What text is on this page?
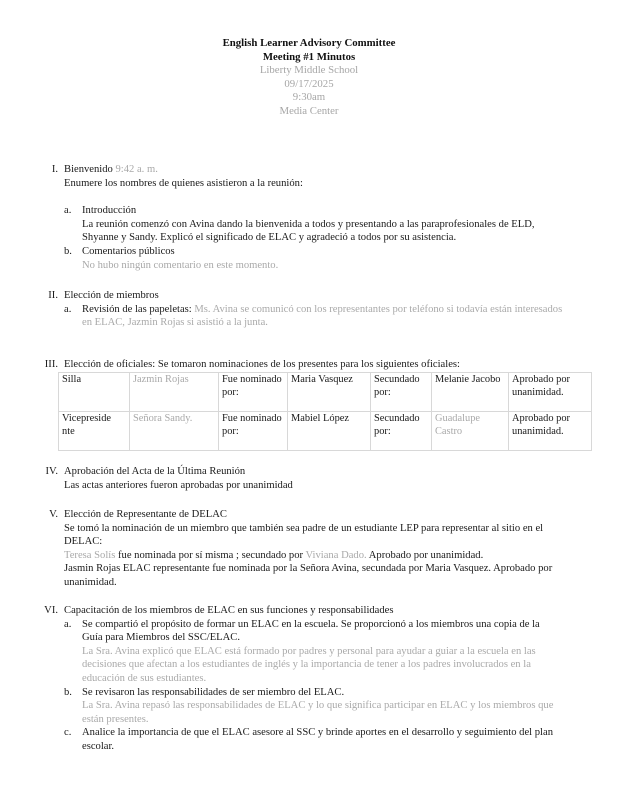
English Learner Advisory Committee
Meeting #1 Minutos
Liberty Middle School
09/17/2025
9:30am
Media Center
I. Bienvenido 9:42 a. m.
Enumere los nombres de quienes asistieron a la reunión:
a. Introducción
La reunión comenzó con Avina dando la bienvenida a todos y presentando a las paraprofesionales de ELD, Shyanne y Sandy. Explicó el significado de ELAC y agradeció a todos por su asistencia.
b. Comentarios públicos
No hubo ningún comentario en este momento.
II. Elección de miembros
a. Revisión de las papeletas: Ms. Avina se comunicó con los representantes por teléfono si todavía están interesados en ELAC, Jazmin Rojas si asistió a la junta.
III. Elección de oficiales: Se tomaron nominaciones de los presentes para los siguientes oficiales:
Silla	Jazmin Rojas	Fue nominado por:	Maria Vasquez	Secundado por:	Melanie Jacobo	Aprobado por unanimidad.
Vicepreside nte	Señora Sandy.	Fue nominado por:	Mabiel López	Secundado por:	Guadalupe Castro	Aprobado por unanimidad.
IV. Aprobación del Acta de la Última Reunión
Las actas anteriores fueron aprobadas por unanimidad
V. Elección de Representante de DELAC
Se tomó la nominación de un miembro que también sea padre de un estudiante LEP para representar al sitio en el DELAC:
Teresa Solís fue nominada por sí misma ; secundado por Viviana Dado. Aprobado por unanimidad.
Jasmin Rojas ELAC representante fue nominada por la Señora Avina, secundada por Maria Vasquez. Aprobado por unanimidad.
VI. Capacitación de los miembros de ELAC en sus funciones y responsabilidades
a. Se compartió el propósito de formar un ELAC en la escuela. Se proporcionó a los miembros una copia de la Guía para Miembros del SSC/ELAC.
La Sra. Avina explicó que ELAC está formado por padres y personal para ayudar a guiar a la escuela en las decisiones que afectan a los estudiantes de inglés y la importancia de tener a los padres involucrados en la educación de sus estudiantes.
b. Se revisaron las responsabilidades de ser miembro del ELAC.
La Sra. Avina repasó las responsabilidades de ELAC y lo que significa participar en ELAC y los miembros que están presentes.
c. Analice la importancia de que el ELAC asesore al SSC y brinde aportes en el desarrollo y seguimiento del plan escolar.
